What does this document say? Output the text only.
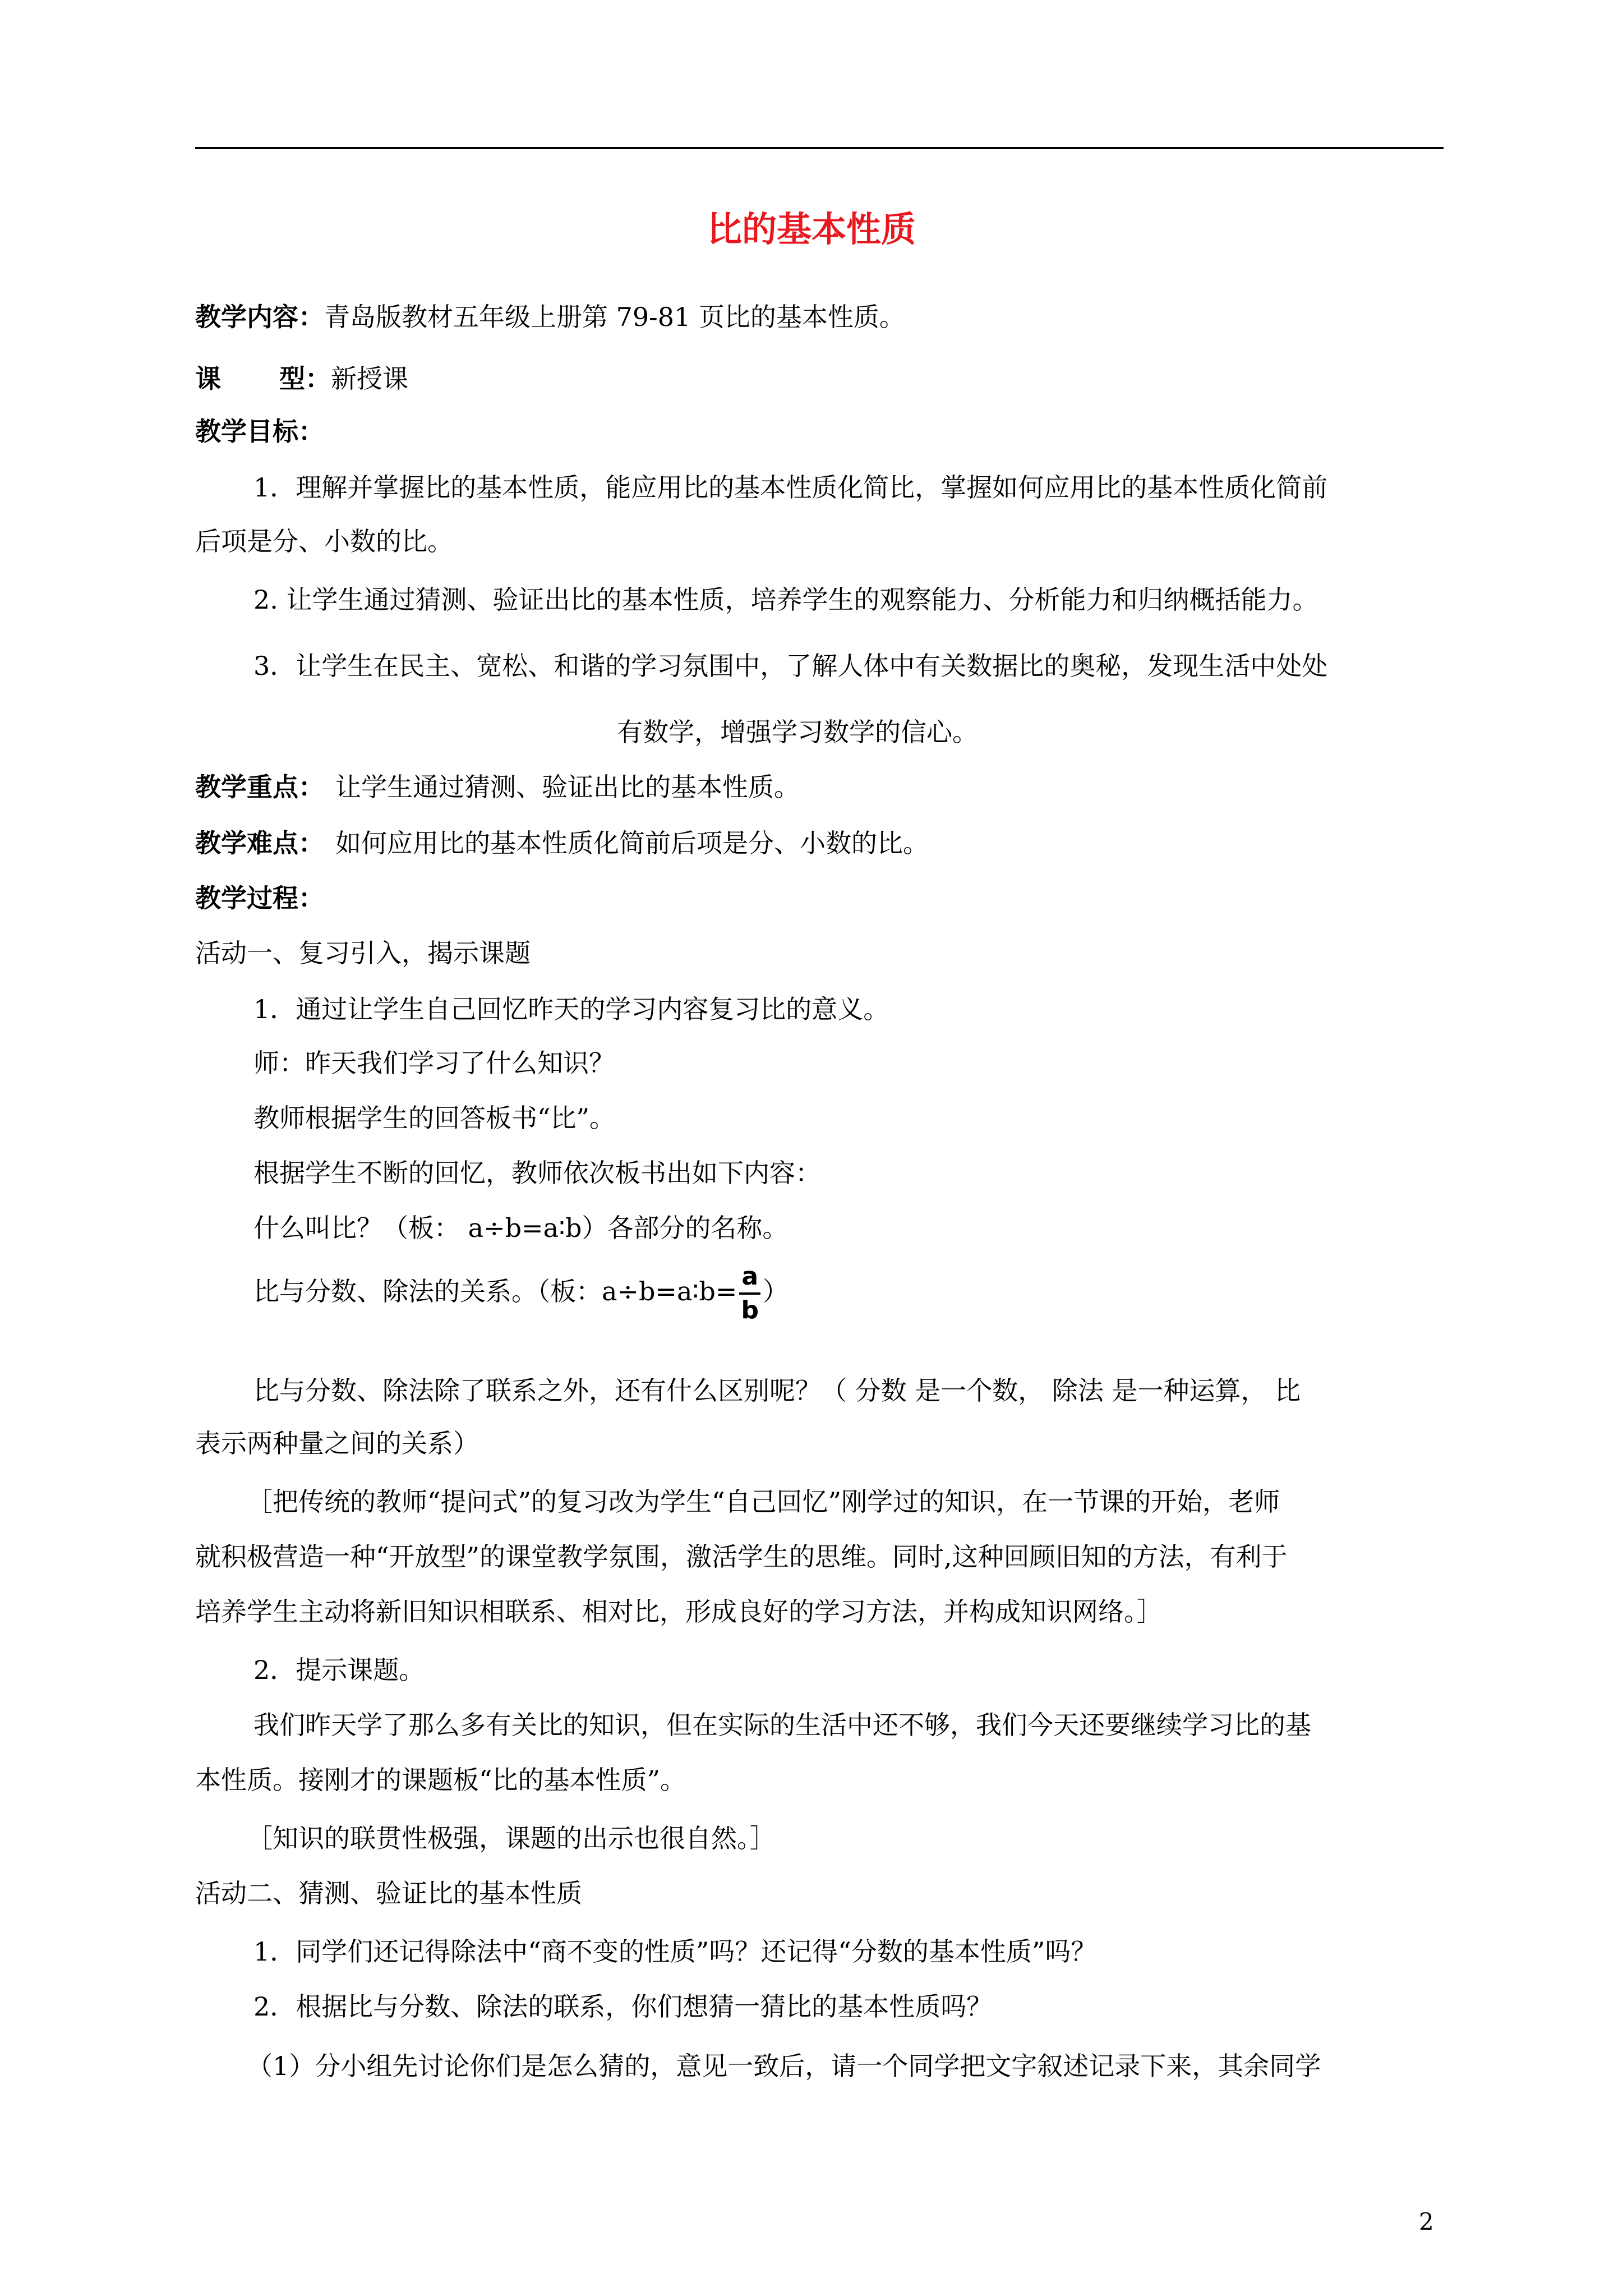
比的基本性质
教学内容：青岛版教材五年级上册第 79-81 页比的基本性质。
课 型：新授课
教学目标：
1．理解并掌握比的基本性质，能应用比的基本性质化简比，掌握如何应用比的基本性质化简前
后项是分、小数的比。
2. 让学生通过猜测、验证出比的基本性质，培养学生的观察能力、分析能力和归纳概括能力。
3．让学生在民主、宽松、和谐的学习氛围中，了解人体中有关数据比的奥秘，发现生活中处处
有数学，增强学习数学的信心。
教学重点： 让学生通过猜测、验证出比的基本性质。
教学难点： 如何应用比的基本性质化简前后项是分、小数的比。
教学过程：
活动一、复习引入，揭示课题
1．通过让学生自己回忆昨天的学习内容复习比的意义。
师：昨天我们学习了什么知识？
教师根据学生的回答板书“比”。
根据学生不断的回忆，教师依次板书出如下内容：
什么叫比？（板： a÷b=a∶b）各部分的名称。
比与分数、除法的关系。（板：a÷b=a∶b= $\frac{a}{b}$ ）
比与分数、除法除了联系之外，还有什么区别呢？（ 分数 是一个数， 除法 是一种运算， 比
表示两种量之间的关系）
［把传统的教师“提问式”的复习改为学生“自己回忆”刚学过的知识，在一节课的开始，老师
就积极营造一种“开放型”的课堂教学氛围，激活学生的思维。同时,这种回顾旧知的方法，有利于
培养学生主动将新旧知识相联系、相对比，形成良好的学习方法，并构成知识网络。］
2．提示课题。
我们昨天学了那么多有关比的知识，但在实际的生活中还不够，我们今天还要继续学习比的基
本性质。接刚才的课题板“比的基本性质”。
［知识的联贯性极强，课题的出示也很自然。］
活动二、猜测、验证比的基本性质
1．同学们还记得除法中“商不变的性质”吗？还记得“分数的基本性质”吗？
2．根据比与分数、除法的联系，你们想猜一猜比的基本性质吗？
（1）分小组先讨论你们是怎么猜的，意见一致后，请一个同学把文字叙述记录下来，其余同学
2
